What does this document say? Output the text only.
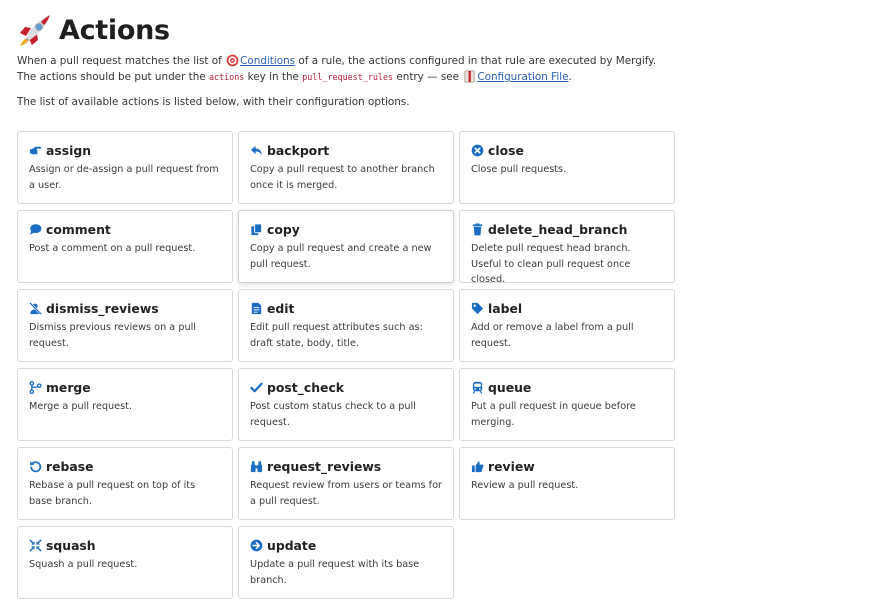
Actions

When a pull request matches the list of Conditions of a rule, the actions configured in that rule are executed by Mergify. The actions should be put under the actions key in the pull_request_rules entry — see Configuration File.

The list of available actions is listed below, with their configuration options.

assign
Assign or de-assign a pull request from a user.
backport
Copy a pull request to another branch once it is merged.
close
Close pull requests.
comment
Post a comment on a pull request.
copy
Copy a pull request and create a new pull request.
delete_head_branch
Delete pull request head branch. Useful to clean pull request once closed.
dismiss_reviews
Dismiss previous reviews on a pull request.
edit
Edit pull request attributes such as: draft state, body, title.
label
Add or remove a label from a pull request.
merge
Merge a pull request.
post_check
Post custom status check to a pull request.
queue
Put a pull request in queue before merging.
rebase
Rebase a pull request on top of its base branch.
request_reviews
Request review from users or teams for a pull request.
review
Review a pull request.
squash
Squash a pull request.
update
Update a pull request with its base branch.
